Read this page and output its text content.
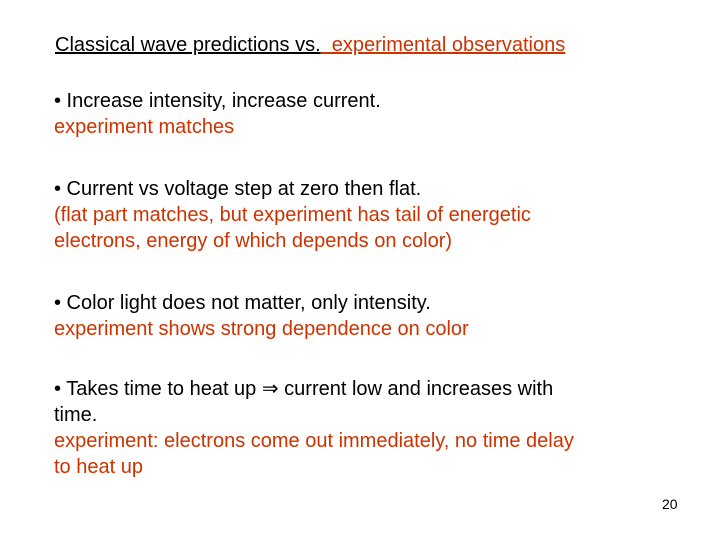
Classical wave predictions vs.  experimental observations
• Increase intensity, increase current.
experiment matches
• Current vs voltage step at zero then flat.
(flat part matches, but experiment has tail of energetic
electrons, energy of which depends on color)
• Color light does not matter, only intensity.
experiment shows strong dependence on color
• Takes time to heat up ⇒ current low and increases with
time.
experiment: electrons come out immediately, no time delay
to heat up
20
